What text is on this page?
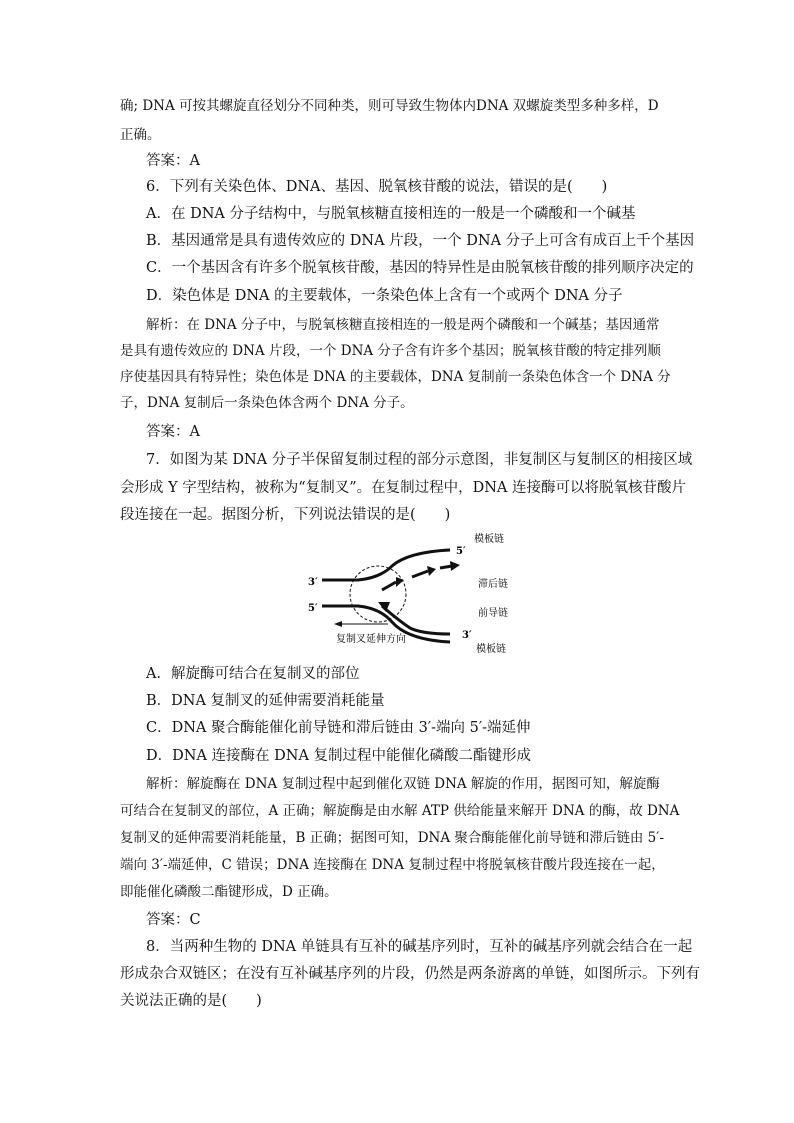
确; DNA 可按其螺旋直径划分不同种类，则可导致生物体内DNA 双螺旋类型多种多样，D
正确。
答案：A
6．下列有关染色体、DNA、基因、脱氧核苷酸的说法，错误的是(　　)
A．在 DNA 分子结构中，与脱氧核糖直接相连的一般是一个磷酸和一个碱基
B．基因通常是具有遗传效应的 DNA 片段，一个 DNA 分子上可含有成百上千个基因
C．一个基因含有许多个脱氧核苷酸，基因的特异性是由脱氧核苷酸的排列顺序决定的
D．染色体是 DNA 的主要载体，一条染色体上含有一个或两个 DNA 分子
解析：在 DNA 分子中，与脱氧核糖直接相连的一般是两个磷酸和一个碱基；基因通常
是具有遗传效应的 DNA 片段，一个 DNA 分子含有许多个基因；脱氧核苷酸的特定排列顺
序使基因具有特异性；染色体是 DNA 的主要载体，DNA 复制前一条染色体含一个 DNA 分
子，DNA 复制后一条染色体含两个 DNA 分子。
答案：A
7．如图为某 DNA 分子半保留复制过程的部分示意图，非复制区与复制区的相接区域
会形成 Y 字型结构，被称为“复制叉”。在复制过程中，DNA 连接酶可以将脱氧核苷酸片
段连接在一起。据图分析，下列说法错误的是(　　)
5′
模板链
滞后链
前导链
3′
模板链
3′
5′
复制叉延伸方向
A．解旋酶可结合在复制叉的部位
B．DNA 复制叉的延伸需要消耗能量
C．DNA 聚合酶能催化前导链和滞后链由 3′-端向 5′-端延伸
D．DNA 连接酶在 DNA 复制过程中能催化磷酸二酯键形成
解析：解旋酶在 DNA 复制过程中起到催化双链 DNA 解旋的作用，据图可知，解旋酶
可结合在复制叉的部位，A 正确；解旋酶是由水解 ATP 供给能量来解开 DNA 的酶，故 DNA
复制叉的延伸需要消耗能量，B 正确；据图可知，DNA 聚合酶能催化前导链和滞后链由 5′-
端向 3′-端延伸，C 错误；DNA 连接酶在 DNA 复制过程中将脱氧核苷酸片段连接在一起，
即能催化磷酸二酯键形成，D 正确。
答案：C
8．当两种生物的 DNA 单链具有互补的碱基序列时，互补的碱基序列就会结合在一起
形成杂合双链区；在没有互补碱基序列的片段，仍然是两条游离的单链，如图所示。下列有
关说法正确的是(　　)
